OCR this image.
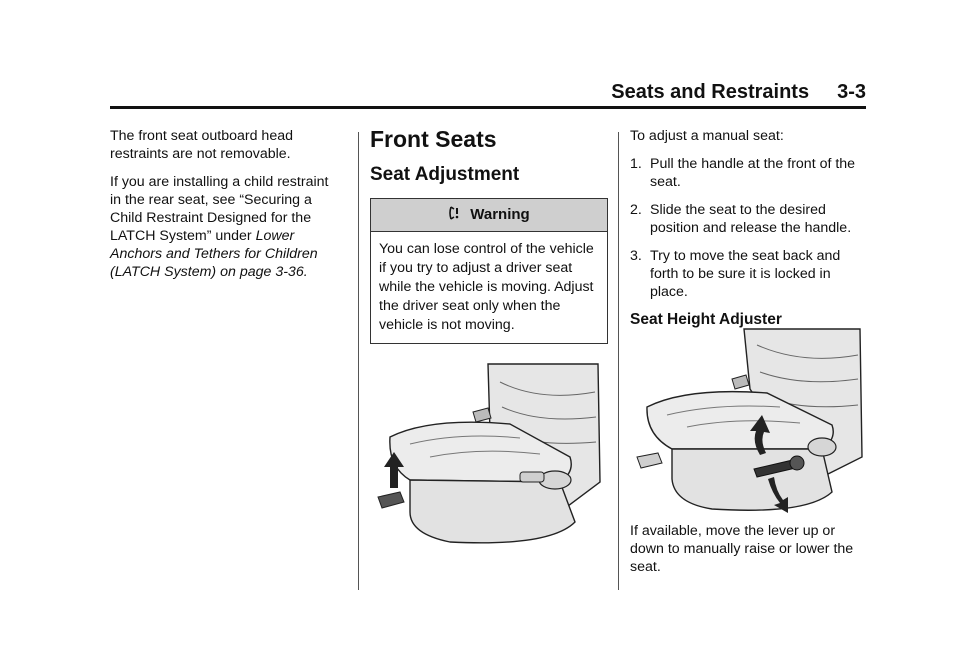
Seats and Restraints 3-3

The front seat outboard head restraints are not removable.

If you are installing a child restraint in the rear seat, see “Securing a Child Restraint Designed for the LATCH System” under Lower Anchors and Tethers for Children (LATCH System) on page 3-36.

Front Seats
Seat Adjustment
Warning
You can lose control of the vehicle if you try to adjust a driver seat while the vehicle is moving. Adjust the driver seat only when the vehicle is not moving.

To adjust a manual seat:

1. Pull the handle at the front of the seat.
2. Slide the seat to the desired position and release the handle.
3. Try to move the seat back and forth to be sure it is locked in place.
Seat Height Adjuster
If available, move the lever up or down to manually raise or lower the seat.
